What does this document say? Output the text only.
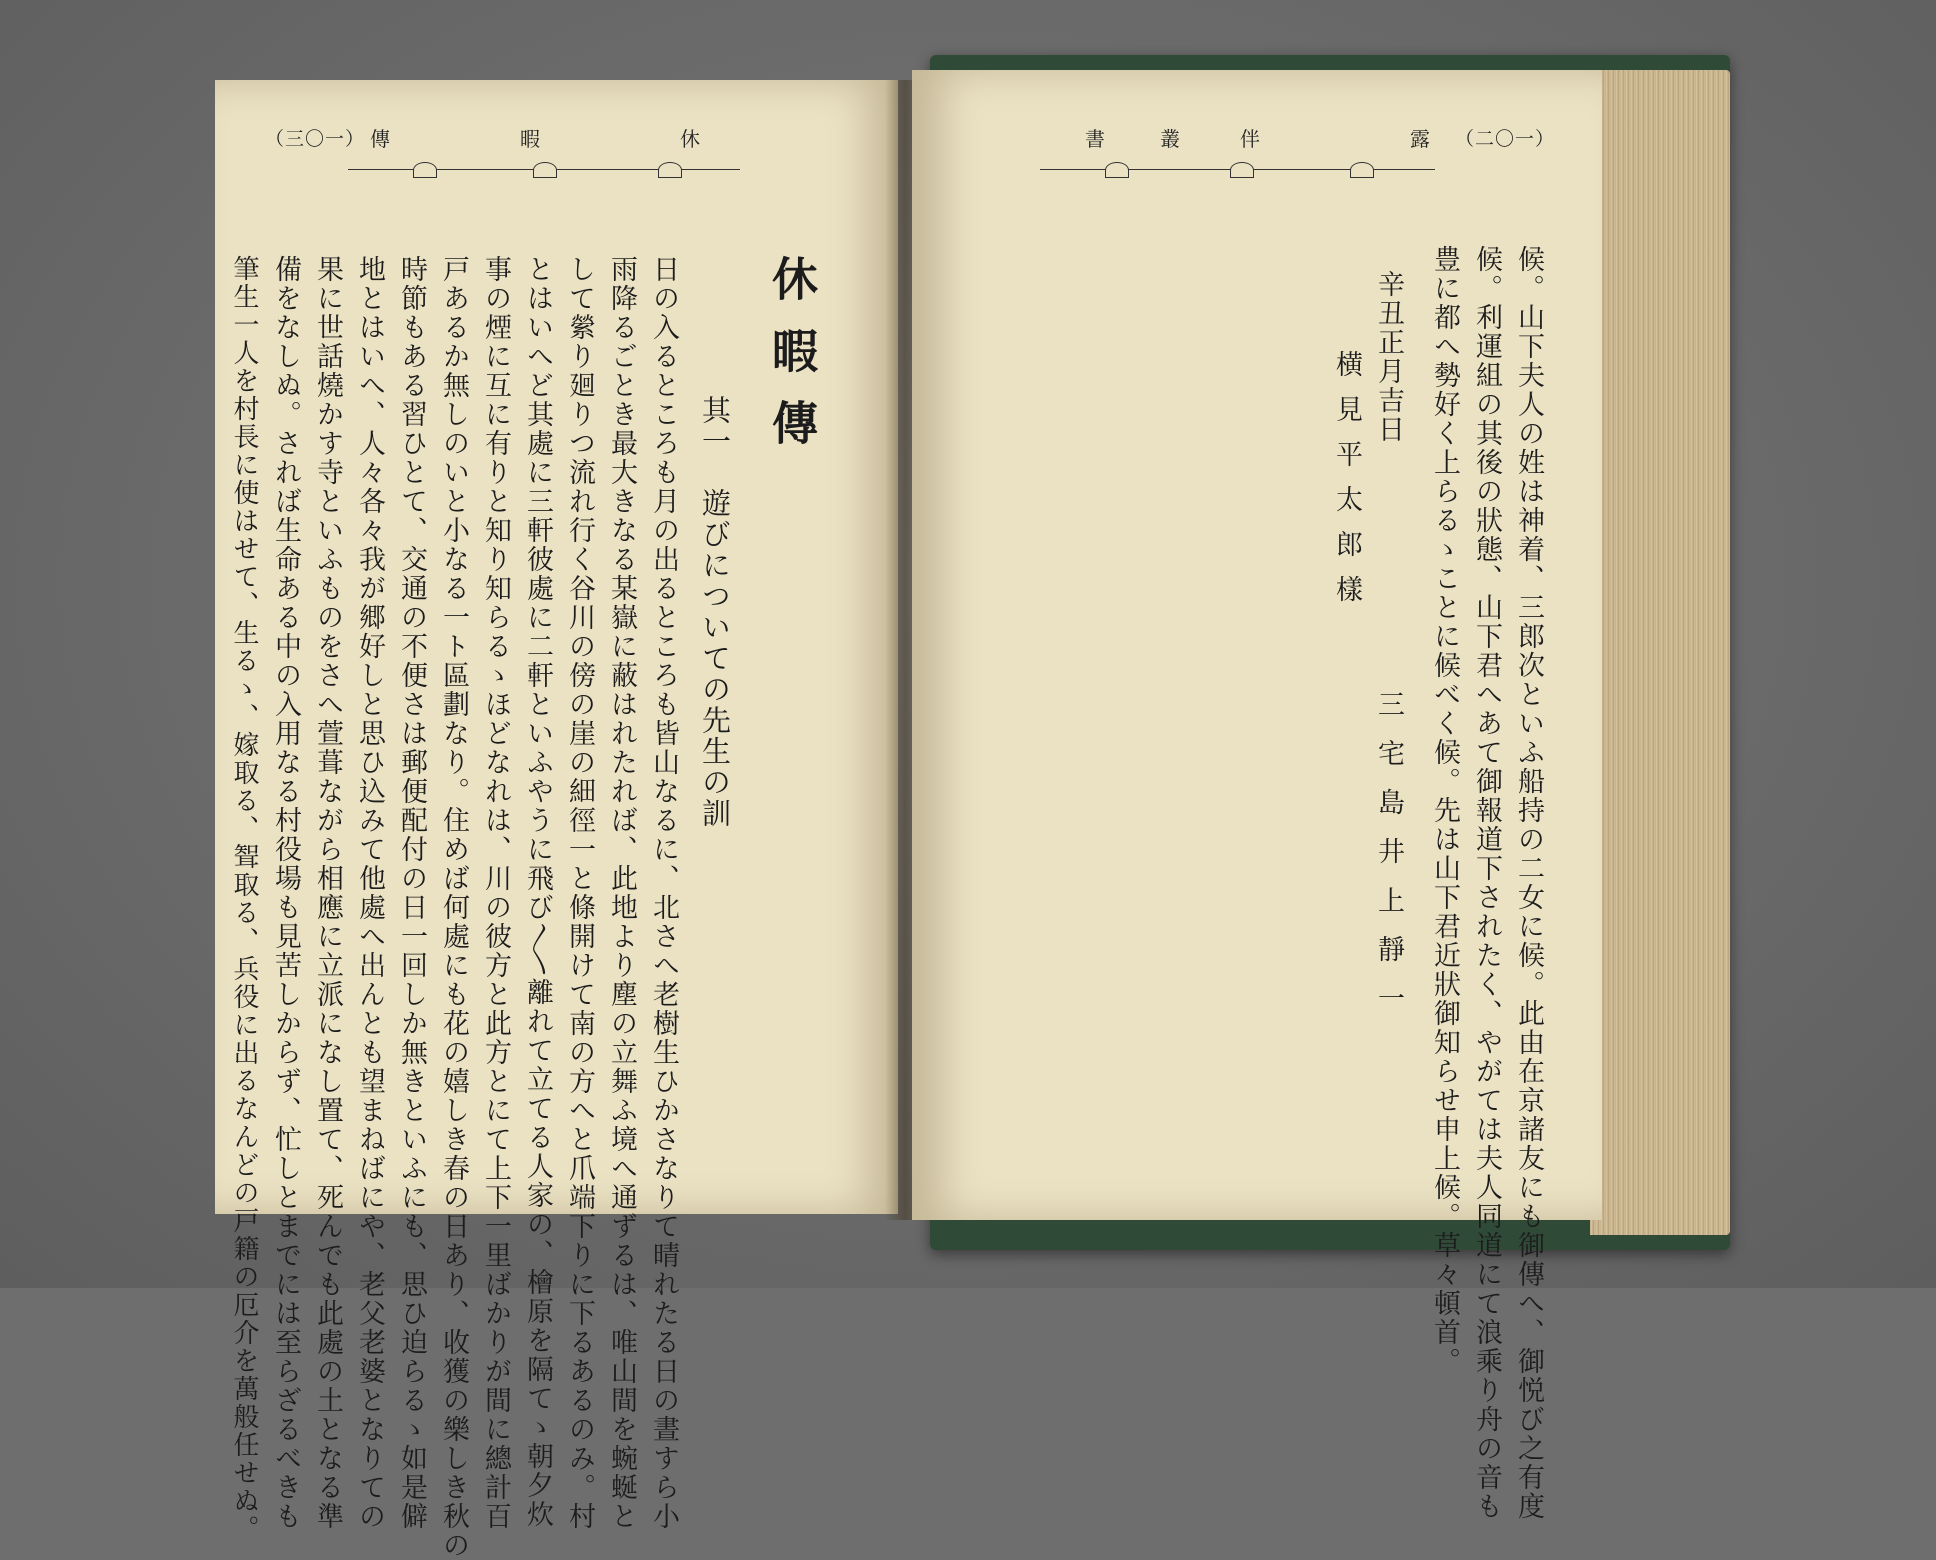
（三〇一） 傳	暇	休
休暇傳
其一　遊びについての先生の訓
日の入るところも月の出るところも皆山なるに、北さへ老樹生ひかさなりて晴れたる日の晝すら小
雨降るごとき最大きなる某嶽に蔽はれたれば、此地より塵の立舞ふ境へ通ずるは、唯山間を蜿蜒と
して縈り廻りつ流れ行く谷川の傍の崖の細徑一と條開けて南の方へと爪端下りに下るあるのみ。村
とはいへど其處に三軒彼處に二軒といふやうに飛び〳〵離れて立てる人家の、檜原を隔てゝ朝夕炊
事の煙に互に有りと知り知らるゝほどなれは、川の彼方と此方とにて上下一里ばかりが間に總計百
戸あるか無しのいと小なる一ト區劃なり。住めば何處にも花の嬉しき春の日あり、收獲の樂しき秋の
時節もある習ひとて、交通の不便さは郵便配付の日一回しか無きといふにも、思ひ迫らるゝ如是僻
地とはいへ、人々各々我が郷好しと思ひ込みて他處へ出んとも望まねばにや、老父老婆となりての
果に世話燒かす寺といふものをさへ萱葺ながら相應に立派になし置て、死んでも此處の土となる準
備をなしぬ。されば生命ある中の入用なる村役場も見苦しからず、忙しとまでには至らざるべきも
筆生一人を村長に使はせて、生るゝ、嫁取る、聟取る、兵役に出るなんどの戸籍の厄介を萬般任せぬ。
露
伴
叢
書	（二〇一）
候。山下夫人の姓は神着、三郎次といふ船持の二女に候。此由在京諸友にも御傳へ、御悦び之有度
候。利運組の其後の狀態、山下君へあて御報道下されたく、やがては夫人同道にて浪乘り舟の音も
豊に都へ勢好く上らるゝことに候べく候。先は山下君近狀御知らせ申上候。草々頓首。
辛丑正月吉日
三宅島井上靜一
横見平太郎樣
